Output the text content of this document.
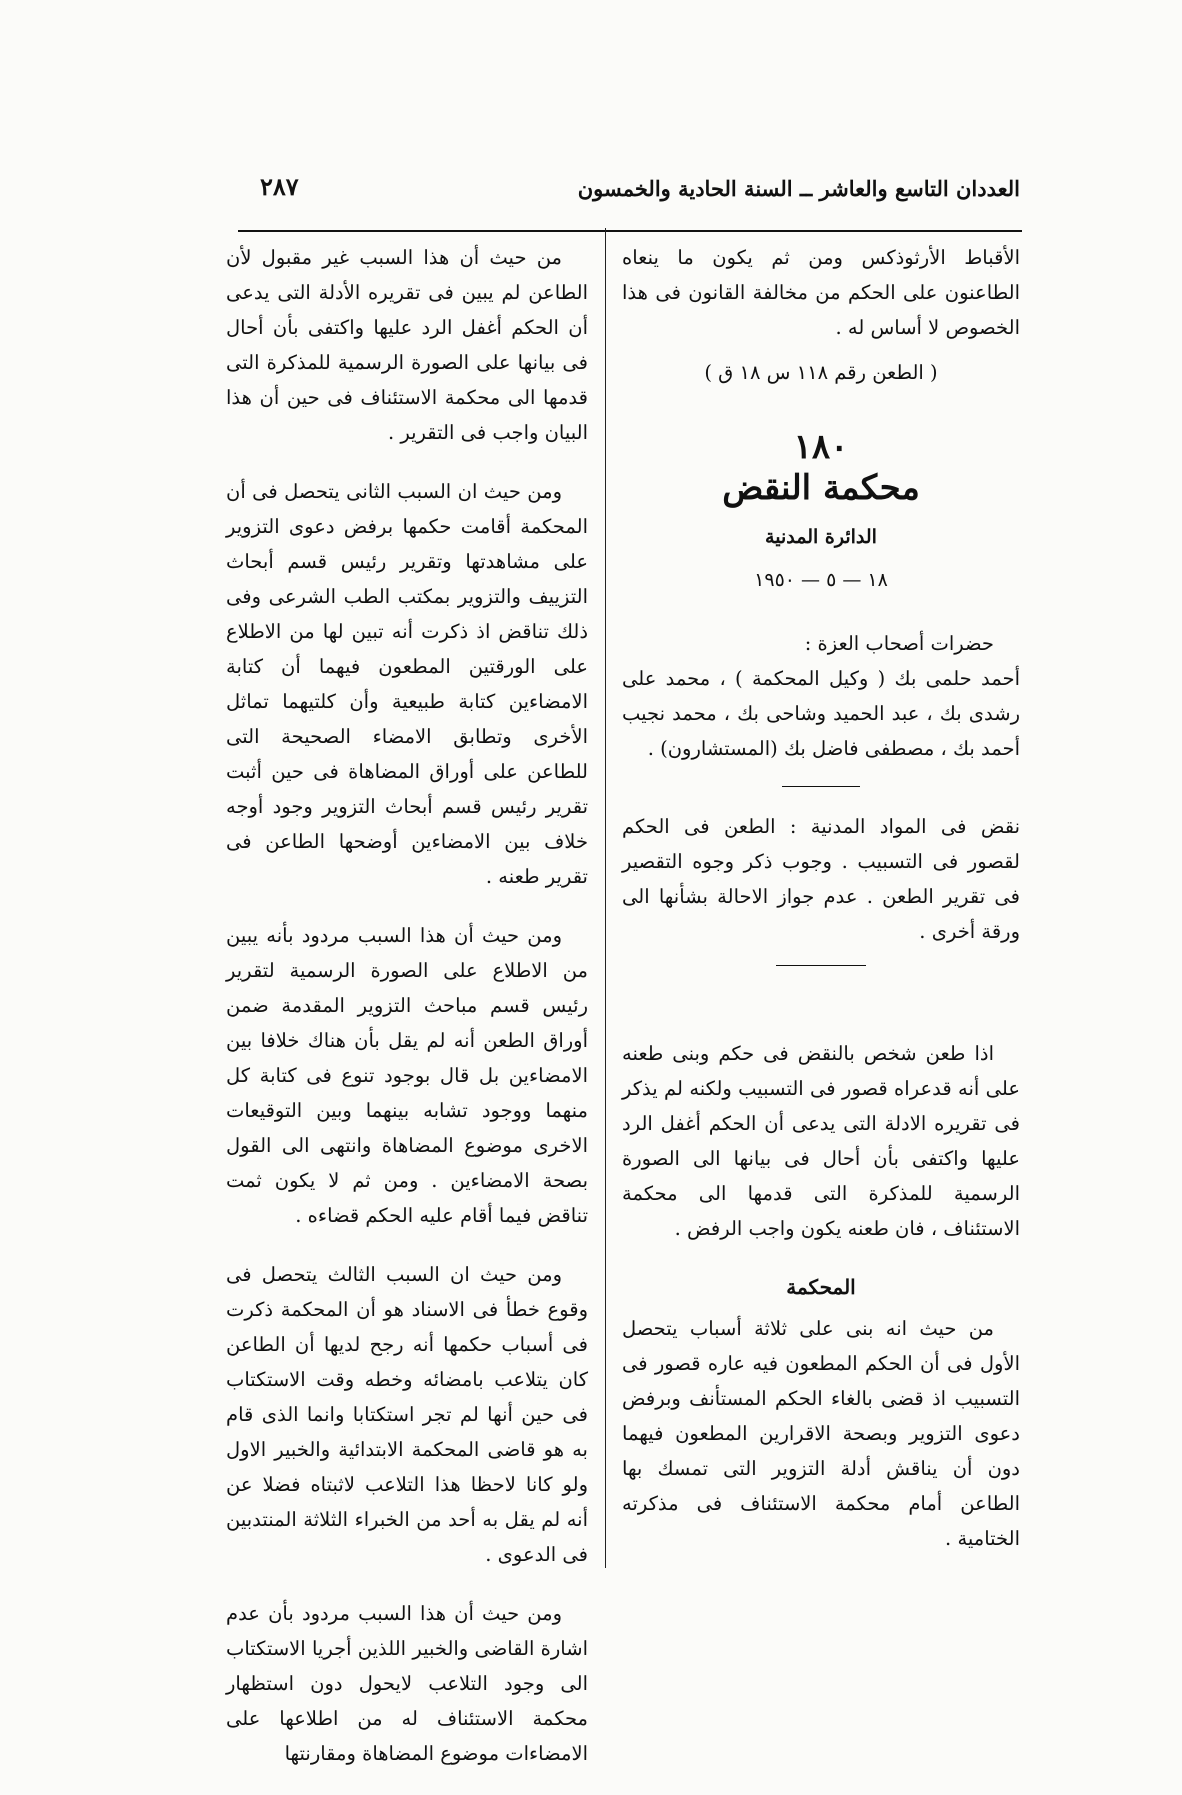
٢٨٧	العددان التاسع والعاشر ــ السنة الحادية والخمسون

الأقباط الأرثوذكس ومن ثم يكون ما ينعاه الطاعنون على الحكم من مخالفة القانون فى هذا الخصوص لا أساس له .

( الطعن رقم ١١٨ س ١٨ ق )

١٨٠
محكمة النقض
الدائرة المدنية
١٨ — ٥ — ١٩٥٠

حضرات أصحاب العزة :

أحمد حلمى بك ( وكيل المحكمة ) ، محمد على رشدى بك ، عبد الحميد وشاحى بك ، محمد نجيب أحمد بك ، مصطفى فاضل بك (المستشارون) .

نقض فى المواد المدنية : الطعن فى الحكم لقصور فى التسبيب . وجوب ذكر وجوه التقصير فى تقرير الطعن . عدم جواز الاحالة بشأنها الى ورقة أخرى .

اذا طعن شخص بالنقض فى حكم وبنى طعنه على أنه قدعراه قصور فى التسبيب ولكنه لم يذكر فى تقريره الادلة التى يدعى أن الحكم أغفل الرد عليها واكتفى بأن أحال فى بيانها الى الصورة الرسمية للمذكرة التى قدمها الى محكمة الاستئناف ، فان طعنه يكون واجب الرفض .

المحكمة

من حيث انه بنى على ثلاثة أسباب يتحصل الأول فى أن الحكم المطعون فيه عاره قصور فى التسبيب اذ قضى بالغاء الحكم المستأنف وبرفض دعوى التزوير وبصحة الاقرارين المطعون فيهما دون أن يناقش أدلة التزوير التى تمسك بها الطاعن أمام محكمة الاستئناف فى مذكرته الختامية .

من حيث أن هذا السبب غير مقبول لأن الطاعن لم يبين فى تقريره الأدلة التى يدعى أن الحكم أغفل الرد عليها واكتفى بأن أحال فى بيانها على الصورة الرسمية للمذكرة التى قدمها الى محكمة الاستئناف فى حين أن هذا البيان واجب فى التقرير .

ومن حيث ان السبب الثانى يتحصل فى أن المحكمة أقامت حكمها برفض دعوى التزوير على مشاهدتها وتقرير رئيس قسم أبحاث التزييف والتزوير بمكتب الطب الشرعى وفى ذلك تناقض اذ ذكرت أنه تبين لها من الاطلاع على الورقتين المطعون فيهما أن كتابة الامضاءين كتابة طبيعية وأن كلتيهما تماثل الأخرى وتطابق الامضاء الصحيحة التى للطاعن على أوراق المضاهاة فى حين أثبت تقرير رئيس قسم أبحاث التزوير وجود أوجه خلاف بين الامضاءين أوضحها الطاعن فى تقرير طعنه .

ومن حيث أن هذا السبب مردود بأنه يبين من الاطلاع على الصورة الرسمية لتقرير رئيس قسم مباحث التزوير المقدمة ضمن أوراق الطعن أنه لم يقل بأن هناك خلافا بين الامضاءين بل قال بوجود تنوع فى كتابة كل منهما ووجود تشابه بينهما وبين التوقيعات الاخرى موضوع المضاهاة وانتهى الى القول بصحة الامضاءين . ومن ثم لا يكون ثمت تناقض فيما أقام عليه الحكم قضاءه .

ومن حيث ان السبب الثالث يتحصل فى وقوع خطأ فى الاسناد هو أن المحكمة ذكرت فى أسباب حكمها أنه رجح لديها أن الطاعن كان يتلاعب بامضائه وخطه وقت الاستكتاب فى حين أنها لم تجر استكتابا وانما الذى قام به هو قاضى المحكمة الابتدائية والخبير الاول ولو كانا لاحظا هذا التلاعب لاثبتاه فضلا عن أنه لم يقل به أحد من الخبراء الثلاثة المنتدبين فى الدعوى .

ومن حيث أن هذا السبب مردود بأن عدم اشارة القاضى والخبير اللذين أجريا الاستكتاب الى وجود التلاعب لايحول دون استظهار محكمة الاستئناف له من اطلاعها على الامضاءات موضوع المضاهاة ومقارنتها
